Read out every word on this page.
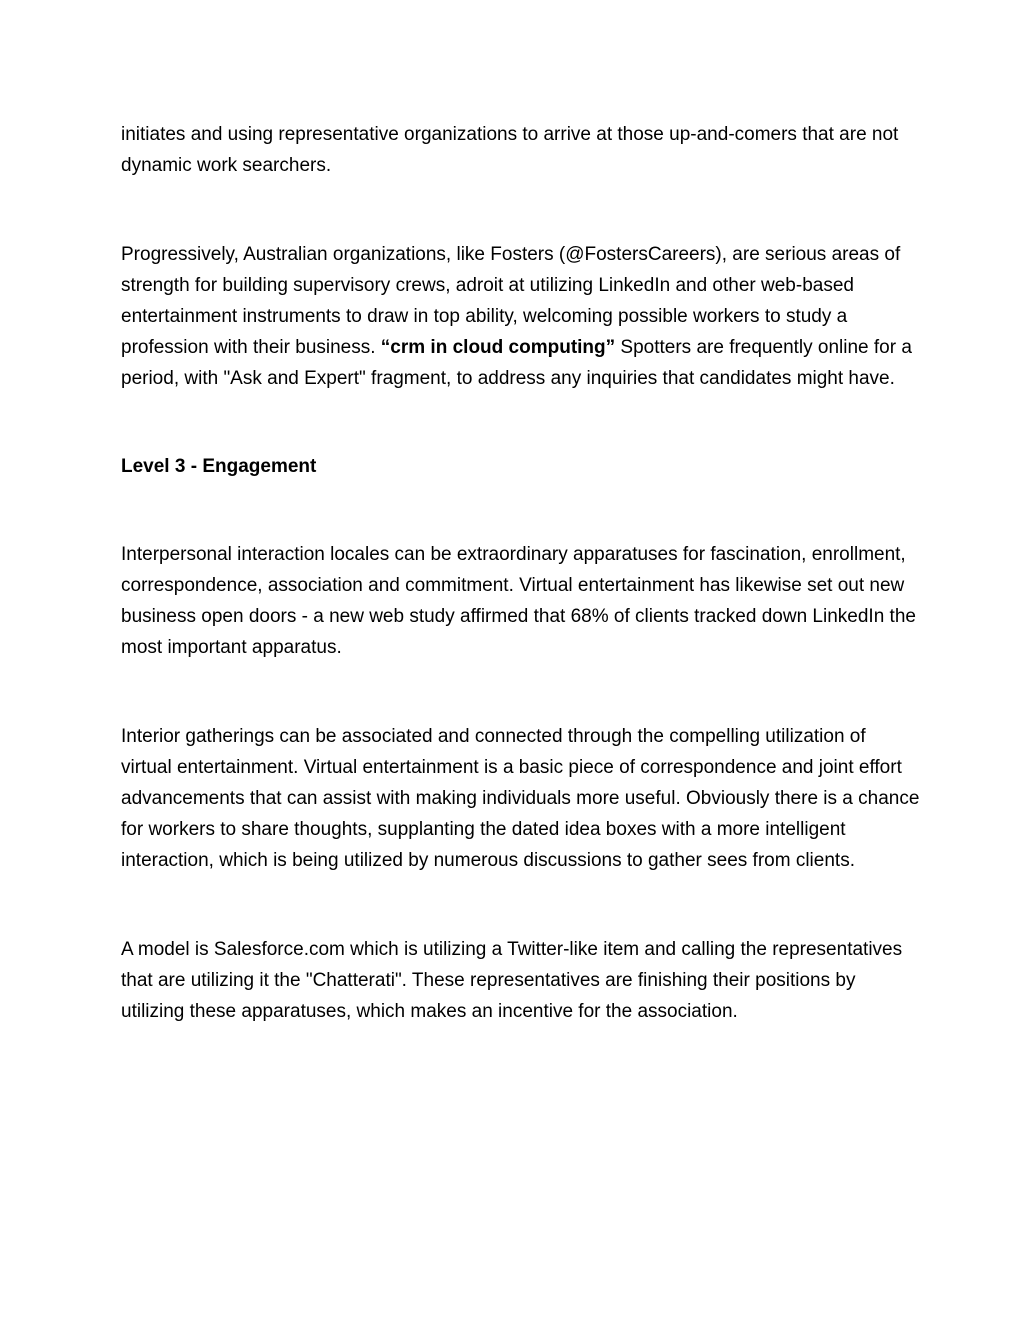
initiates and using representative organizations to arrive at those up-and-comers that are not dynamic work searchers.

Progressively, Australian organizations, like Fosters (@FostersCareers), are serious areas of strength for building supervisory crews, adroit at utilizing LinkedIn and other web-based entertainment instruments to draw in top ability, welcoming possible workers to study a profession with their business. “crm in cloud computing” Spotters are frequently online for a period, with "Ask and Expert" fragment, to address any inquiries that candidates might have.

Level 3 - Engagement

Interpersonal interaction locales can be extraordinary apparatuses for fascination, enrollment, correspondence, association and commitment. Virtual entertainment has likewise set out new business open doors - a new web study affirmed that 68% of clients tracked down LinkedIn the most important apparatus.

Interior gatherings can be associated and connected through the compelling utilization of virtual entertainment. Virtual entertainment is a basic piece of correspondence and joint effort advancements that can assist with making individuals more useful. Obviously there is a chance for workers to share thoughts, supplanting the dated idea boxes with a more intelligent interaction, which is being utilized by numerous discussions to gather sees from clients.

A model is Salesforce.com which is utilizing a Twitter-like item and calling the representatives that are utilizing it the "Chatterati". These representatives are finishing their positions by utilizing these apparatuses, which makes an incentive for the association.
